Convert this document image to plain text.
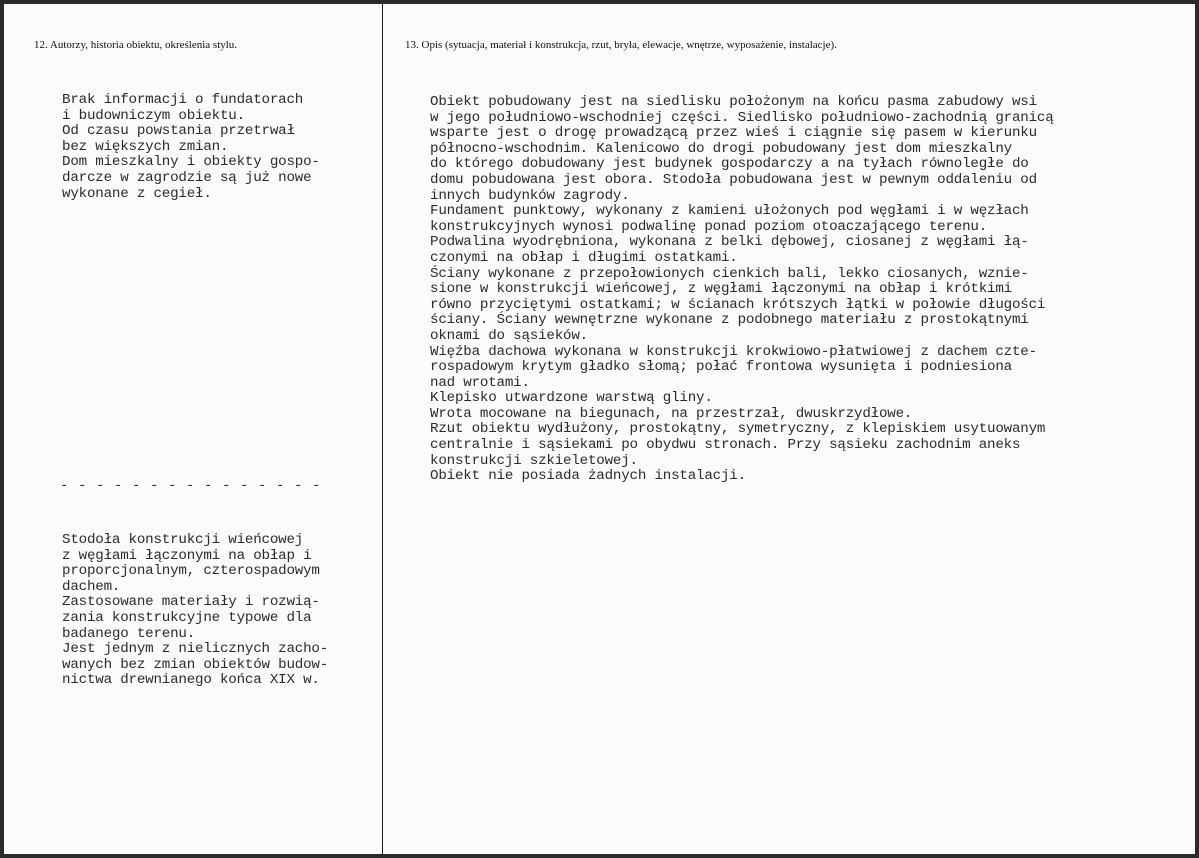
12. Autorzy, historia obiektu, określenia stylu.	13. Opis (sytuacja, materiał i konstrukcja, rzut, bryła, elewacje, wnętrze, wyposażenie, instalacje).
Brak informacji o fundatorach
i budowniczym obiektu.
Od czasu powstania przetrwał
bez większych zmian.
Dom mieszkalny i obiekty gospo-
darcze w zagrodzie są już nowe
wykonane z cegieł.
- - - - - - - - - - - - - - -
Stodoła konstrukcji wieńcowej
z węgłami łączonymi na obłap i
proporcjonalnym, czterospadowym
dachem.
Zastosowane materiały i rozwią-
zania konstrukcyjne typowe dla
badanego terenu.
Jest jednym z nielicznych zacho-
wanych bez zmian obiektów budow-
nictwa drewnianego końca XIX w.
Obiekt pobudowany jest na siedlisku położonym na końcu pasma zabudowy wsi
w jego południowo-wschodniej części. Siedlisko południowo-zachodnią granicą
wsparte jest o drogę prowadzącą przez wieś i ciągnie się pasem w kierunku
północno-wschodnim. Kalenicowo do drogi pobudowany jest dom mieszkalny
do którego dobudowany jest budynek gospodarczy a na tyłach równoległe do
domu pobudowana jest obora. Stodoła pobudowana jest w pewnym oddaleniu od
innych budynków zagrody.
Fundament punktowy, wykonany z kamieni ułożonych pod węgłami i w węzłach
konstrukcyjnych wynosi podwalinę ponad poziom otoaczającego terenu.
Podwalina wyodrębniona, wykonana z belki dębowej, ciosanej z węgłami łą-
czonymi na obłap i długimi ostatkami.
Ściany wykonane z przepołowionych cienkich bali, lekko ciosanych, wznie-
sione w konstrukcji wieńcowej, z węgłami łączonymi na obłap i krótkimi
równo przyciętymi ostatkami; w ścianach krótszych łątki w połowie długości
ściany. Ściany wewnętrzne wykonane z podobnego materiału z prostokątnymi
oknami do sąsieków.
Więźba dachowa wykonana w konstrukcji krokwiowo-płatwiowej z dachem czte-
rospadowym krytym gładko słomą; połać frontowa wysunięta i podniesiona
nad wrotami.
Klepisko utwardzone warstwą gliny.
Wrota mocowane na biegunach, na przestrzał, dwuskrzydłowe.
Rzut obiektu wydłużony, prostokątny, symetryczny, z klepiskiem usytuowanym
centralnie i sąsiekami po obydwu stronach. Przy sąsieku zachodnim aneks
konstrukcji szkieletowej.
Obiekt nie posiada żadnych instalacji.
